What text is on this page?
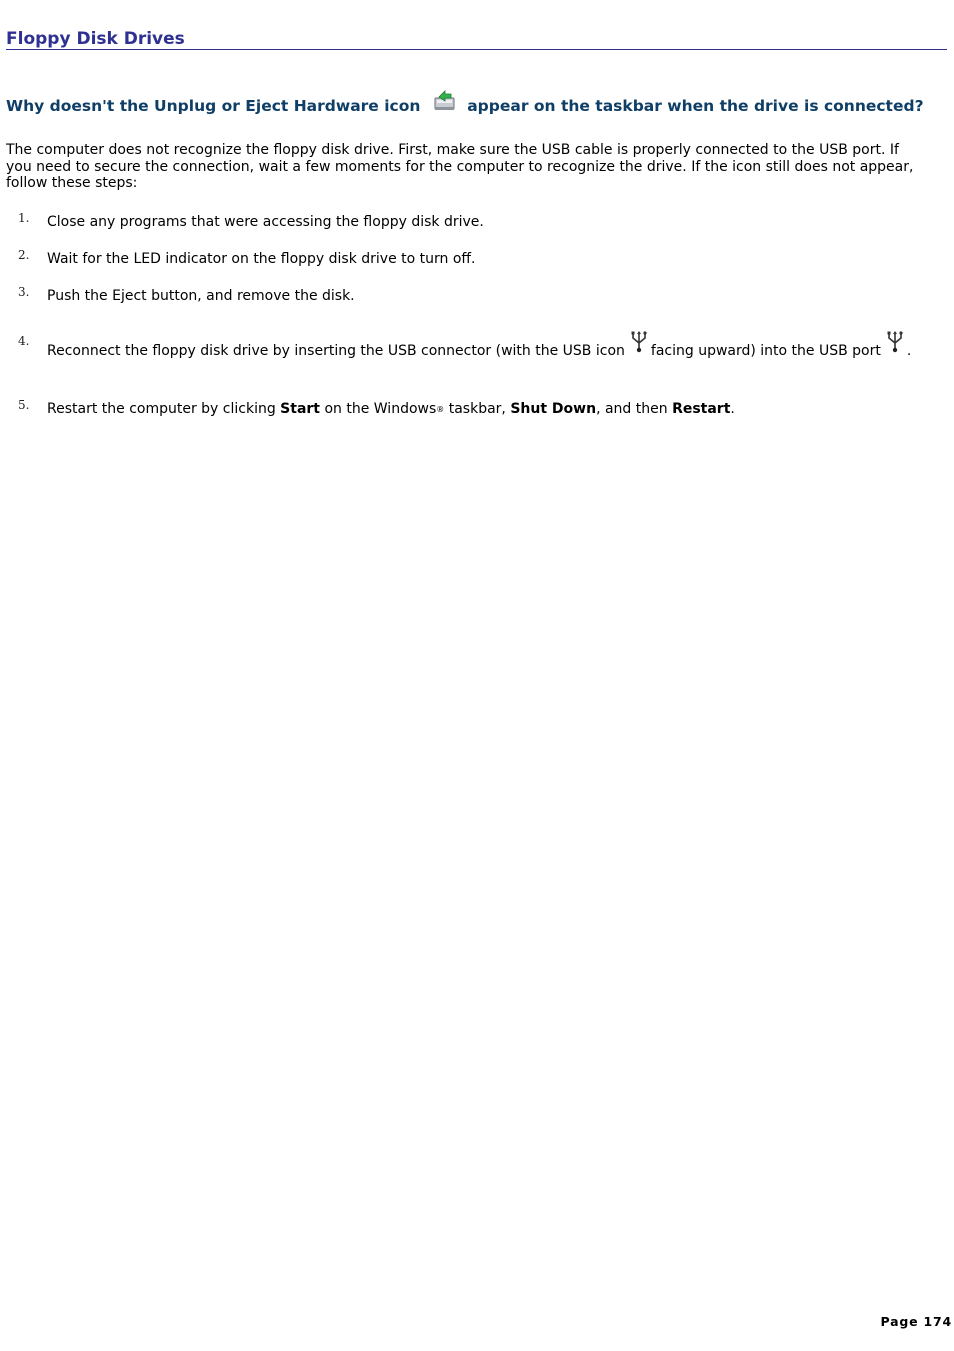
Floppy Disk Drives
Why doesn't the Unplug or Eject Hardware icon	appear on the taskbar when the drive is connected?
The computer does not recognize the floppy disk drive. First, make sure the USB cable is properly connected to the USB port. If you need to secure the connection, wait a few moments for the computer to recognize the drive. If the icon still does not appear, follow these steps:
1. Close any programs that were accessing the floppy disk drive.
2. Wait for the LED indicator on the floppy disk drive to turn off.
3. Push the Eject button, and remove the disk.
4.
Reconnect the floppy disk drive by inserting the USB connector (with the USB icon facing upward) into the USB port .
5. Restart the computer by clicking Start on the Windows® taskbar, Shut Down, and then Restart.
Page 174
